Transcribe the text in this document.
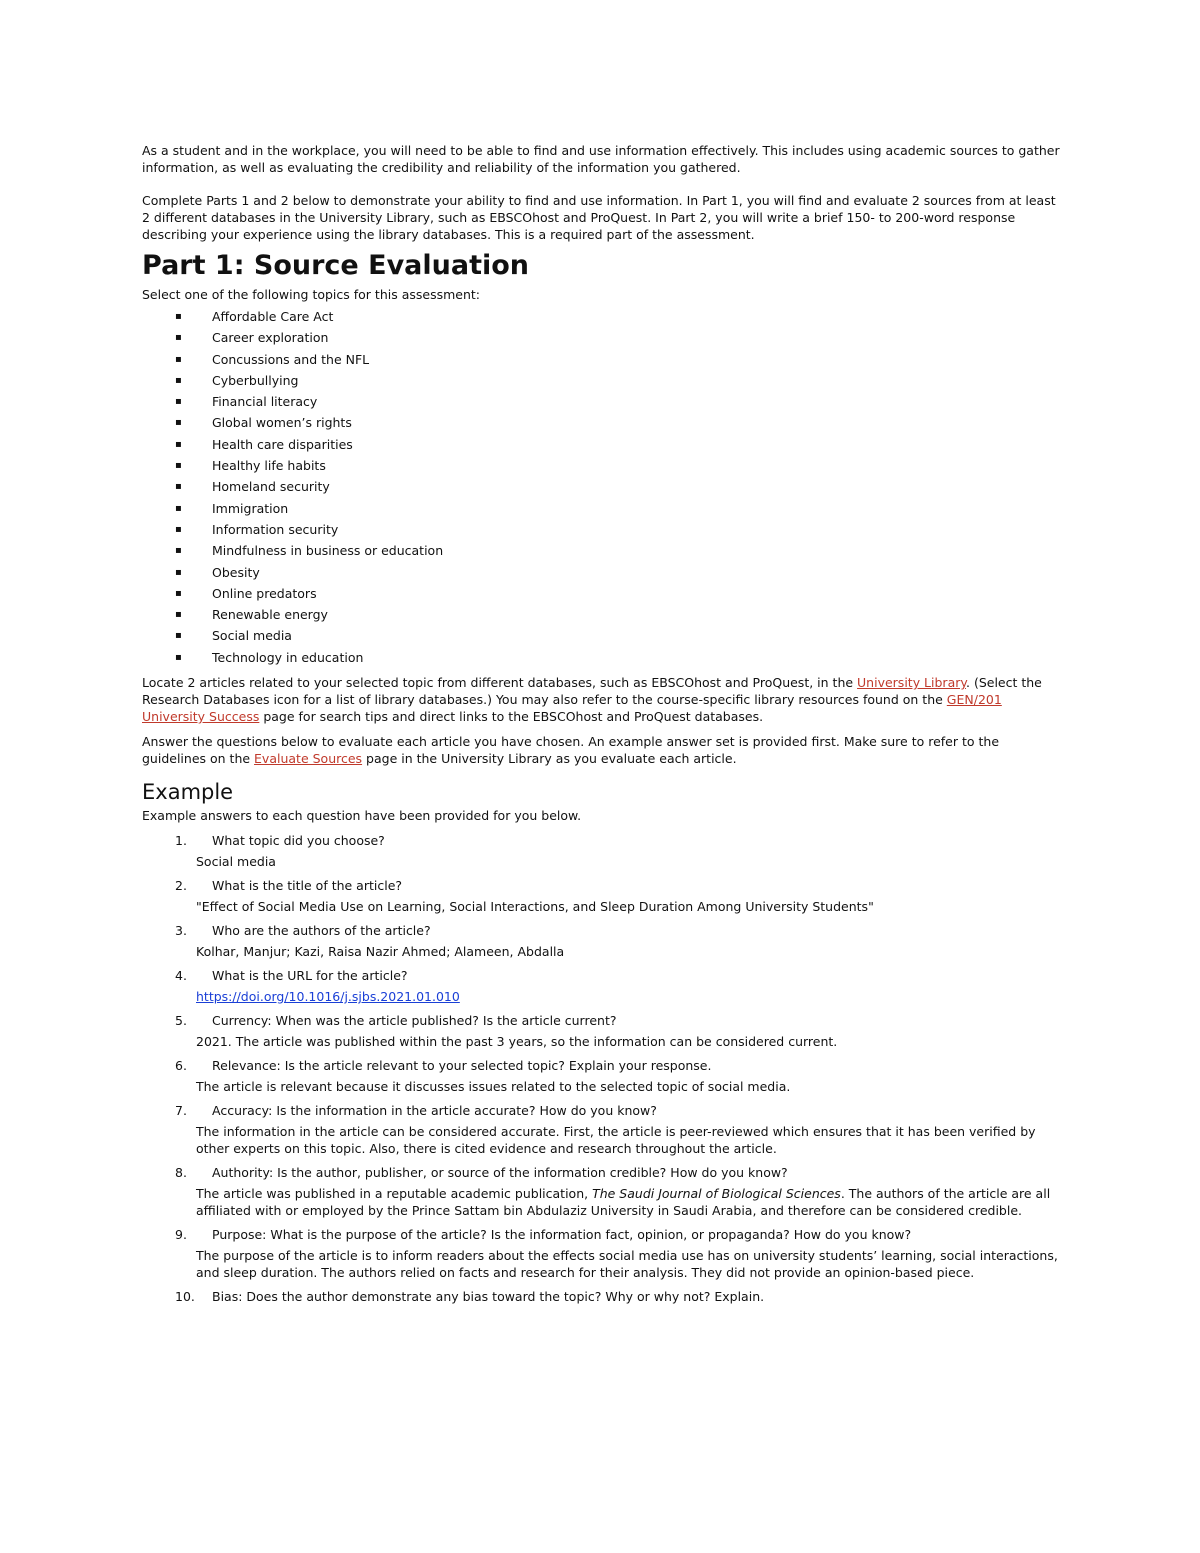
As a student and in the workplace, you will need to be able to find and use information effectively. This includes using academic sources to gather information, as well as evaluating the credibility and reliability of the information you gathered.

Complete Parts 1 and 2 below to demonstrate your ability to find and use information. In Part 1, you will find and evaluate 2 sources from at least 2 different databases in the University Library, such as EBSCOhost and ProQuest. In Part 2, you will write a brief 150- to 200-word response describing your experience using the library databases. This is a required part of the assessment.

Part 1: Source Evaluation

Select one of the following topics for this assessment:

▪ Affordable Care Act
▪ Career exploration
▪ Concussions and the NFL
▪ Cyberbullying
▪ Financial literacy
▪ Global women’s rights
▪ Health care disparities
▪ Healthy life habits
▪ Homeland security
▪ Immigration
▪ Information security
▪ Mindfulness in business or education
▪ Obesity
▪ Online predators
▪ Renewable energy
▪ Social media
▪ Technology in education

Locate 2 articles related to your selected topic from different databases, such as EBSCOhost and ProQuest, in the University Library. (Select the Research Databases icon for a list of library databases.) You may also refer to the course-specific library resources found on the GEN/201 University Success page for search tips and direct links to the EBSCOhost and ProQuest databases.

Answer the questions below to evaluate each article you have chosen. An example answer set is provided first. Make sure to refer to the guidelines on the Evaluate Sources page in the University Library as you evaluate each article.

Example

Example answers to each question have been provided for you below.

1.	What topic did you choose?
Social media
2.	What is the title of the article?
"Effect of Social Media Use on Learning, Social Interactions, and Sleep Duration Among University Students"
3.	Who are the authors of the article?
Kolhar, Manjur; Kazi, Raisa Nazir Ahmed; Alameen, Abdalla
4.	What is the URL for the article?
https://doi.org/10.1016/j.sjbs.2021.01.010
5.	Currency: When was the article published? Is the article current?
2021. The article was published within the past 3 years, so the information can be considered current.
6.	Relevance: Is the article relevant to your selected topic? Explain your response.
The article is relevant because it discusses issues related to the selected topic of social media.
7.	Accuracy: Is the information in the article accurate? How do you know?
The information in the article can be considered accurate. First, the article is peer-reviewed which ensures that it has been verified by other experts on this topic. Also, there is cited evidence and research throughout the article.
8.	Authority: Is the author, publisher, or source of the information credible? How do you know?
The article was published in a reputable academic publication, The Saudi Journal of Biological Sciences. The authors of the article are all affiliated with or employed by the Prince Sattam bin Abdulaziz University in Saudi Arabia, and therefore can be considered credible.
9.	Purpose: What is the purpose of the article? Is the information fact, opinion, or propaganda? How do you know?
The purpose of the article is to inform readers about the effects social media use has on university students’ learning, social interactions, and sleep duration. The authors relied on facts and research for their analysis. They did not provide an opinion-based piece.
10.	Bias: Does the author demonstrate any bias toward the topic? Why or why not? Explain.
